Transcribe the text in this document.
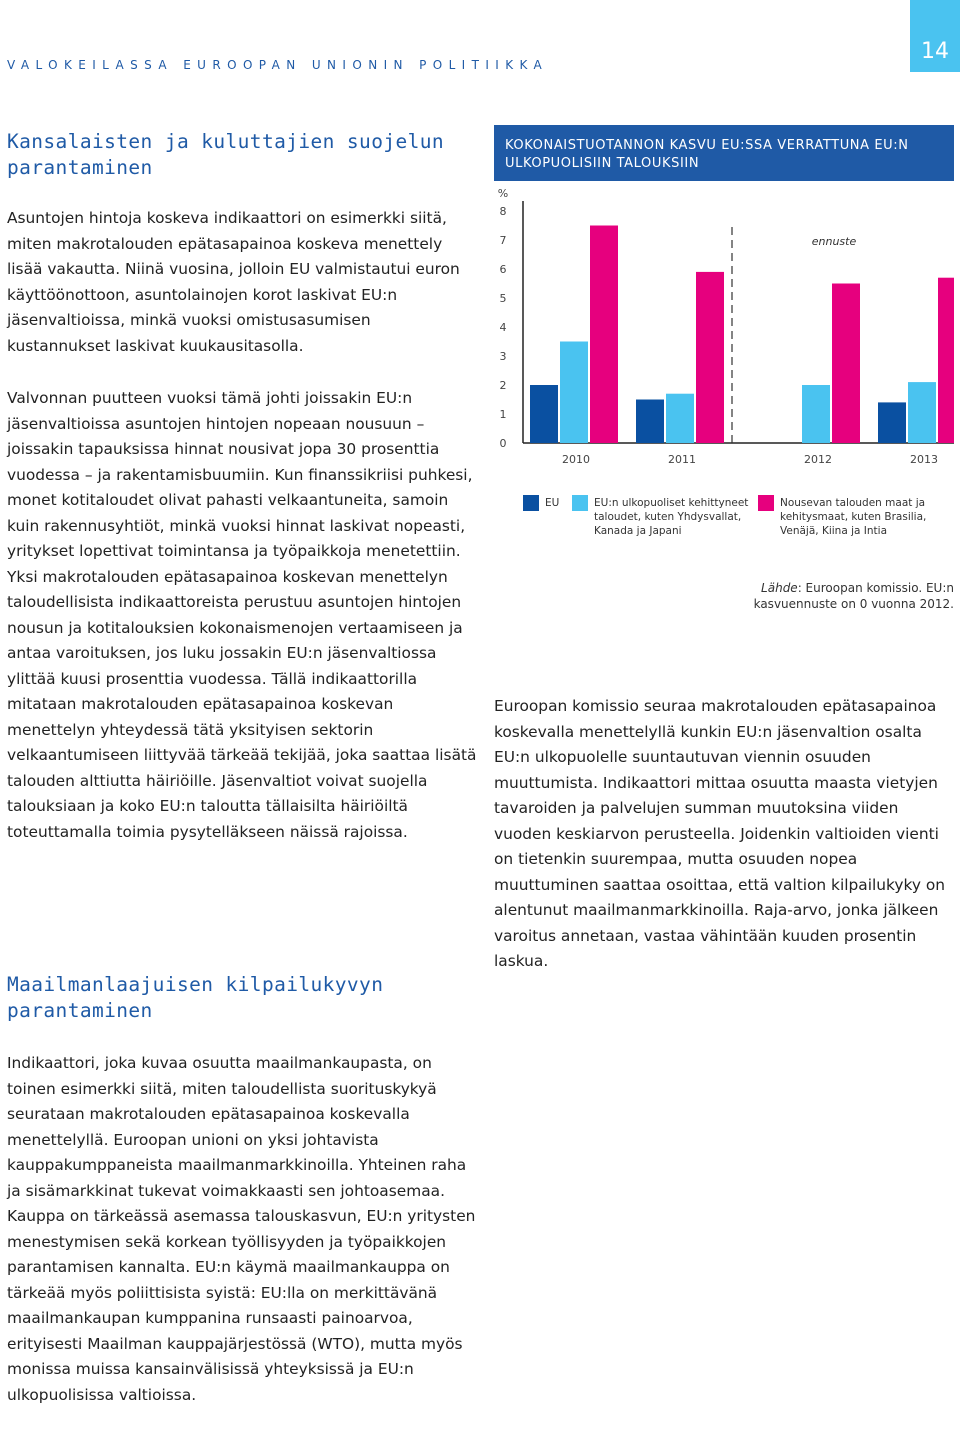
VALOKEILASSA EUROOPAN UNIONIN POLITIIKKA
14
Kansalaisten ja kuluttajien suojelun parantaminen

Asuntojen hintoja koskeva indikaattori on esimerkki siitä, miten makrotalouden epätasapainoa koskeva menettely lisää vakautta. Niinä vuosina, jolloin EU valmistautui euron käyttöönottoon, asuntolainojen korot laskivat EU:n jäsenvaltioissa, minkä vuoksi omistusasumisen kustannukset laskivat kuukausitasolla.

Valvonnan puutteen vuoksi tämä johti joissakin EU:n jäsenvaltioissa asuntojen hintojen nopeaan nousuun – joissakin tapauksissa hinnat nousivat jopa 30 prosenttia vuodessa – ja rakentamisbuumiin. Kun finanssikriisi puhkesi, monet kotitaloudet olivat pahasti velkaantuneita, samoin kuin rakennusyhtiöt, minkä vuoksi hinnat laskivat nopeasti, yritykset lopettivat toimintansa ja työpaikkoja menetettiin. Yksi makrotalouden epätasapainoa koskevan menettelyn taloudellisista indikaattoreista perustuu asuntojen hintojen nousun ja kotitalouksien kokonaismenojen vertaamiseen ja antaa varoituksen, jos luku jossakin EU:n jäsenvaltiossa ylittää kuusi prosenttia vuodessa. Tällä indikaattorilla mitataan makrotalouden epätasapainoa koskevan menettelyn yhteydessä tätä yksityisen sektorin velkaantumiseen liittyvää tärkeää tekijää, joka saattaa lisätä talouden alttiutta häiriöille. Jäsenvaltiot voivat suojella talouksiaan ja koko EU:n taloutta tällaisilta häiriöiltä toteuttamalla toimia pysytelläkseen näissä rajoissa.

Maailmanlaajuisen kilpailukyvyn parantaminen

Indikaattori, joka kuvaa osuutta maailmankaupasta, on toinen esimerkki siitä, miten taloudellista suorituskykyä seurataan makrotalouden epätasapainoa koskevalla menettelyllä. Euroopan unioni on yksi johtavista kauppakumppaneista maailmanmarkkinoilla. Yhteinen raha ja sisämarkkinat tukevat voimakkaasti sen johtoasemaa. Kauppa on tärkeässä asemassa talouskasvun, EU:n yritysten menestymisen sekä korkean työllisyyden ja työpaikkojen parantamisen kannalta. EU:n käymä maailmankauppa on tärkeää myös poliittisista syistä: EU:lla on merkittävänä maailmankaupan kumppanina runsaasti painoarvoa, erityisesti Maailman kauppajärjestössä (WTO), mutta myös monissa muissa kansainvälisissä yhteyksissä ja EU:n ulkopuolisissa valtioissa.

KOKONAISTUOTANNON KASVU EU:SSA VERRATTUNA EU:N ULKOPUOLISIIN TALOUKSIIN
0
1
2
3
4
5
6
7
8
%
2010	2011	2012	2013
ennuste
EU	EU:n ulkopuoliset kehittyneet taloudet, kuten Yhdysvallat, Kanada ja Japani
Nousevan talouden maat ja kehitysmaat, kuten Brasilia, Venäjä, Kiina ja Intia
Lähde: Euroopan komissio. EU:n kasvuennuste on 0 vuonna 2012.

Euroopan komissio seuraa makrotalouden epätasapainoa koskevalla menettelyllä kunkin EU:n jäsenvaltion osalta EU:n ulkopuolelle suuntautuvan viennin osuuden muuttumista. Indikaattori mittaa osuutta maasta vietyjen tavaroiden ja palvelujen summan muutoksina viiden vuoden keskiarvon perusteella. Joidenkin valtioiden vienti on tietenkin suurempaa, mutta osuuden nopea muuttuminen saattaa osoittaa, että valtion kilpailukyky on alentunut maailmanmarkkinoilla. Raja-arvo, jonka jälkeen varoitus annetaan, vastaa vähintään kuuden prosentin laskua.
